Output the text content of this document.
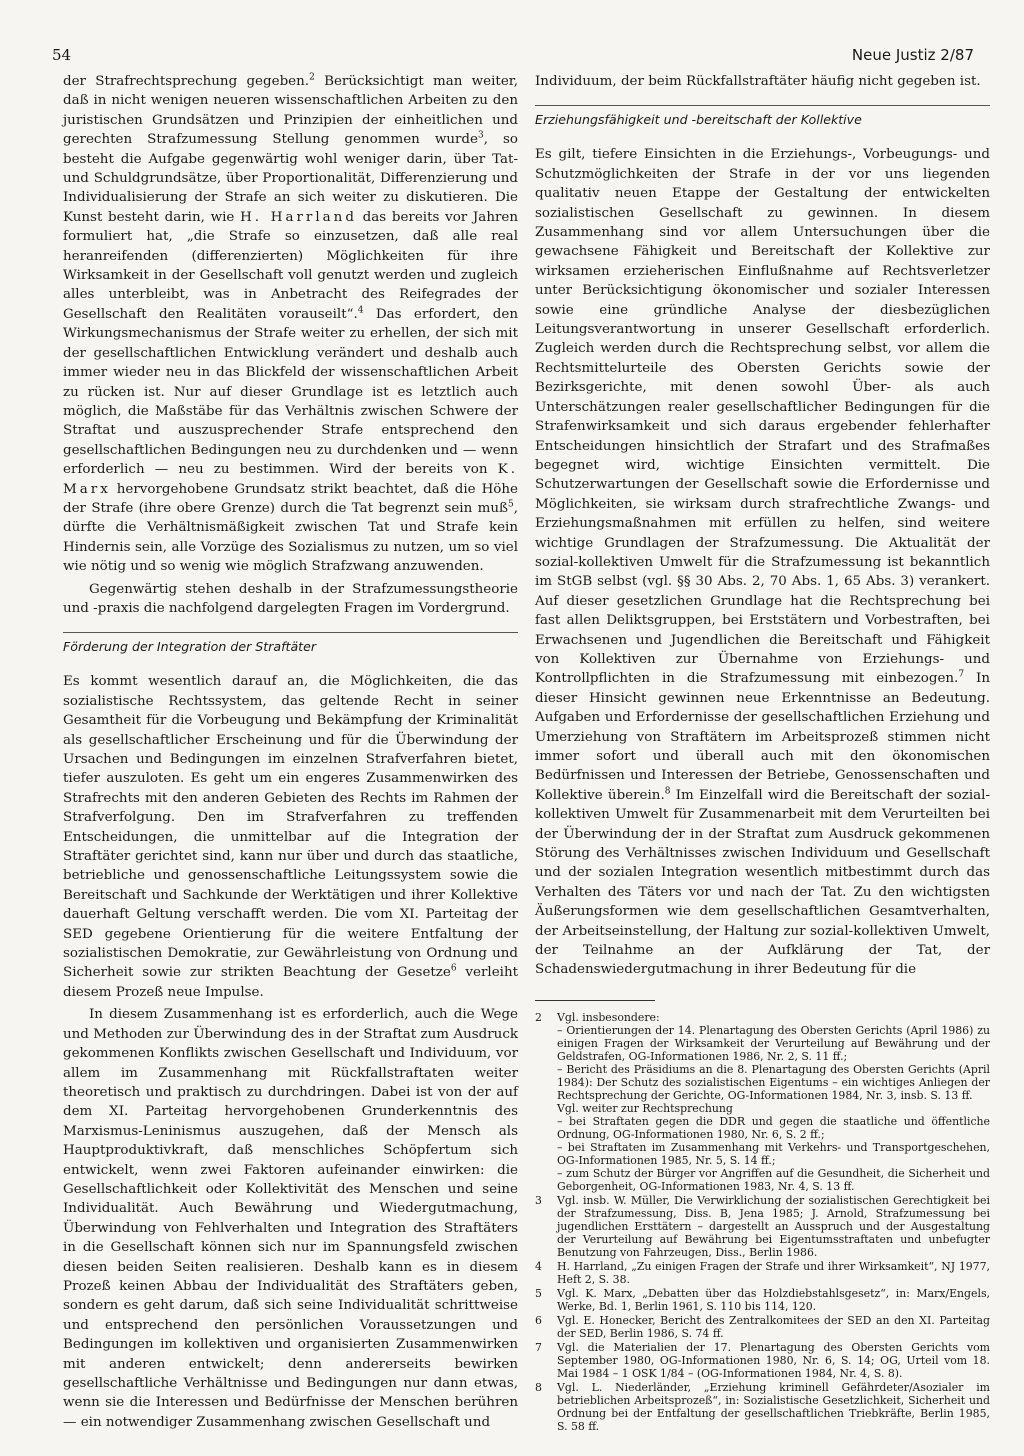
54	Neue Justiz 2/87

der Strafrechtsprechung gegeben.$^2$ Berücksichtigt man weiter, daß in nicht wenigen neueren wissenschaftlichen Arbeiten zu den juristischen Grundsätzen und Prinzipien der einheitlichen und gerechten Strafzumessung Stellung genommen wurde$^3$, so besteht die Aufgabe gegenwärtig wohl weniger darin, über Tat- und Schuldgrundsätze, über Proportionalität, Differenzierung und Individualisierung der Strafe an sich weiter zu diskutieren. Die Kunst besteht darin, wie H. Harrland das bereits vor Jahren formuliert hat, „die Strafe so einzusetzen, daß alle real heranreifenden (differenzierten) Möglichkeiten für ihre Wirksamkeit in der Gesellschaft voll genutzt werden und zugleich alles unterbleibt, was in Anbetracht des Reifegrades der Gesellschaft den Realitäten vorauseilt“.$^4$ Das erfordert, den Wirkungsmechanismus der Strafe weiter zu erhellen, der sich mit der gesellschaftlichen Entwicklung verändert und deshalb auch immer wieder neu in das Blickfeld der wissenschaftlichen Arbeit zu rücken ist. Nur auf dieser Grundlage ist es letztlich auch möglich, die Maßstäbe für das Verhältnis zwischen Schwere der Straftat und auszusprechender Strafe entsprechend den gesellschaftlichen Bedingungen neu zu durchdenken und — wenn erforderlich — neu zu bestimmen. Wird der bereits von K. Marx hervorgehobene Grundsatz strikt beachtet, daß die Höhe der Strafe (ihre obere Grenze) durch die Tat begrenzt sein muß$^5$, dürfte die Verhältnismäßigkeit zwischen Tat und Strafe kein Hindernis sein, alle Vorzüge des Sozialismus zu nutzen, um so viel wie nötig und so wenig wie möglich Strafzwang anzuwenden.

Gegenwärtig stehen deshalb in der Strafzumessungstheorie und -praxis die nachfolgend dargelegten Fragen im Vordergrund.

Förderung der Integration der Straftäter

Es kommt wesentlich darauf an, die Möglichkeiten, die das sozialistische Rechtssystem, das geltende Recht in seiner Gesamtheit für die Vorbeugung und Bekämpfung der Kriminalität als gesellschaftlicher Erscheinung und für die Überwindung der Ursachen und Bedingungen im einzelnen Strafverfahren bietet, tiefer auszuloten. Es geht um ein engeres Zusammenwirken des Strafrechts mit den anderen Gebieten des Rechts im Rahmen der Strafverfolgung. Den im Strafverfahren zu treffenden Entscheidungen, die unmittelbar auf die Integration der Straftäter gerichtet sind, kann nur über und durch das staatliche, betriebliche und genossenschaftliche Leitungssystem sowie die Bereitschaft und Sachkunde der Werktätigen und ihrer Kollektive dauerhaft Geltung verschafft werden. Die vom XI. Parteitag der SED gegebene Orientierung für die weitere Entfaltung der sozialistischen Demokratie, zur Gewährleistung von Ordnung und Sicherheit sowie zur strikten Beachtung der Gesetze$^6$ verleiht diesem Prozeß neue Impulse.

In diesem Zusammenhang ist es erforderlich, auch die Wege und Methoden zur Überwindung des in der Straftat zum Ausdruck gekommenen Konflikts zwischen Gesellschaft und Individuum, vor allem im Zusammenhang mit Rückfallstraftaten weiter theoretisch und praktisch zu durchdringen. Dabei ist von der auf dem XI. Parteitag hervorgehobenen Grunderkenntnis des Marxismus-Leninismus auszugehen, daß der Mensch als Hauptproduktivkraft, daß menschliches Schöpfertum sich entwickelt, wenn zwei Faktoren aufeinander einwirken: die Gesellschaftlichkeit oder Kollektivität des Menschen und seine Individualität. Auch Bewährung und Wiedergutmachung, Überwindung von Fehlverhalten und Integration des Straftäters in die Gesellschaft können sich nur im Spannungsfeld zwischen diesen beiden Seiten realisieren. Deshalb kann es in diesem Prozeß keinen Abbau der Individualität des Straftäters geben, sondern es geht darum, daß sich seine Individualität schrittweise und entsprechend den persönlichen Voraussetzungen und Bedingungen im kollektiven und organisierten Zusammenwirken mit anderen entwickelt; denn andererseits bewirken gesellschaftliche Verhältnisse und Bedingungen nur dann etwas, wenn sie die Interessen und Bedürfnisse der Menschen berühren — ein notwendiger Zusammenhang zwischen Gesellschaft und

Individuum, der beim Rückfallstraftäter häufig nicht gegeben ist.

Erziehungsfähigkeit und -bereitschaft der Kollektive

Es gilt, tiefere Einsichten in die Erziehungs-, Vorbeugungs- und Schutzmöglichkeiten der Strafe in der vor uns liegenden qualitativ neuen Etappe der Gestaltung der entwickelten sozialistischen Gesellschaft zu gewinnen. In diesem Zusammenhang sind vor allem Untersuchungen über die gewachsene Fähigkeit und Bereitschaft der Kollektive zur wirksamen erzieherischen Einflußnahme auf Rechtsverletzer unter Berücksichtigung ökonomischer und sozialer Interessen sowie eine gründliche Analyse der diesbezüglichen Leitungsverantwortung in unserer Gesellschaft erforderlich. Zugleich werden durch die Rechtsprechung selbst, vor allem die Rechtsmittelurteile des Obersten Gerichts sowie der Bezirksgerichte, mit denen sowohl Über- als auch Unterschätzungen realer gesellschaftlicher Bedingungen für die Strafenwirksamkeit und sich daraus ergebender fehlerhafter Entscheidungen hinsichtlich der Strafart und des Strafmaßes begegnet wird, wichtige Einsichten vermittelt. Die Schutzerwartungen der Gesellschaft sowie die Erfordernisse und Möglichkeiten, sie wirksam durch strafrechtliche Zwangs- und Erziehungsmaßnahmen mit erfüllen zu helfen, sind weitere wichtige Grundlagen der Strafzumessung. Die Aktualität der sozial-kollektiven Umwelt für die Strafzumessung ist bekanntlich im StGB selbst (vgl. §§ 30 Abs. 2, 70 Abs. 1, 65 Abs. 3) verankert. Auf dieser gesetzlichen Grundlage hat die Rechtsprechung bei fast allen Deliktsgruppen, bei Erststätern und Vorbestraften, bei Erwachsenen und Jugendlichen die Bereitschaft und Fähigkeit von Kollektiven zur Übernahme von Erziehungs- und Kontrollpflichten in die Strafzumessung mit einbezogen.$^7$ In dieser Hinsicht gewinnen neue Erkenntnisse an Bedeutung. Aufgaben und Erfordernisse der gesellschaftlichen Erziehung und Umerziehung von Straftätern im Arbeitsprozeß stimmen nicht immer sofort und überall auch mit den ökonomischen Bedürfnissen und Interessen der Betriebe, Genossenschaften und Kollektive überein.$^8$ Im Einzelfall wird die Bereitschaft der sozial-kollektiven Umwelt für Zusammenarbeit mit dem Verurteilten bei der Überwindung der in der Straftat zum Ausdruck gekommenen Störung des Verhältnisses zwischen Individuum und Gesellschaft und der sozialen Integration wesentlich mitbestimmt durch das Verhalten des Täters vor und nach der Tat. Zu den wichtigsten Äußerungsformen wie dem gesellschaftlichen Gesamtverhalten, der Arbeitseinstellung, der Haltung zur sozial-kollektiven Umwelt, der Teilnahme an der Aufklärung der Tat, der Schadenswiedergutmachung in ihrer Bedeutung für die

2	Vgl. insbesondere:
– Orientierungen der 14. Plenartagung des Obersten Gerichts (April 1986) zu einigen Fragen der Wirksamkeit der Verurteilung auf Bewährung und der Geldstrafen, OG-Informationen 1986, Nr. 2, S. 11 ff.;
– Bericht des Präsidiums an die 8. Plenartagung des Obersten Gerichts (April 1984): Der Schutz des sozialistischen Eigentums – ein wichtiges Anliegen der Rechtsprechung der Gerichte, OG-Informationen 1984, Nr. 3, insb. S. 13 ff.
Vgl. weiter zur Rechtsprechung
– bei Straftaten gegen die DDR und gegen die staatliche und öffentliche Ordnung, OG-Informationen 1980, Nr. 6, S. 2 ff.;
– bei Straftaten im Zusammenhang mit Verkehrs- und Transportgeschehen, OG-Informationen 1985, Nr. 5, S. 14 ff.;
– zum Schutz der Bürger vor Angriffen auf die Gesundheit, die Sicherheit und Geborgenheit, OG-Informationen 1983, Nr. 4, S. 13 ff.
3	Vgl. insb. W. Müller, Die Verwirklichung der sozialistischen Gerechtigkeit bei der Strafzumessung, Diss. B, Jena 1985; J. Arnold, Strafzumessung bei jugendlichen Ersttätern – dargestellt an Ausspruch und der Ausgestaltung der Verurteilung auf Bewährung bei Eigentumsstraftaten und unbefugter Benutzung von Fahrzeugen, Diss., Berlin 1986.
4	H. Harrland, „Zu einigen Fragen der Strafe und ihrer Wirksamkeit“, NJ 1977, Heft 2, S. 38.
5	Vgl. K. Marx, „Debatten über das Holzdiebstahlsgesetz“, in: Marx/Engels, Werke, Bd. 1, Berlin 1961, S. 110 bis 114, 120.
6	Vgl. E. Honecker, Bericht des Zentralkomitees der SED an den XI. Parteitag der SED, Berlin 1986, S. 74 ff.
7	Vgl. die Materialien der 17. Plenartagung des Obersten Gerichts vom September 1980, OG-Informationen 1980, Nr. 6, S. 14; OG, Urteil vom 18. Mai 1984 – 1 OSK 1/84 – (OG-Informationen 1984, Nr. 4, S. 8).
8	Vgl. L. Niederländer, „Erziehung kriminell Gefährdeter/Asozialer im betrieblichen Arbeitsprozeß“, in: Sozialistische Gesetzlichkeit, Sicherheit und Ordnung bei der Entfaltung der gesellschaftlichen Triebkräfte, Berlin 1985, S. 58 ff.
